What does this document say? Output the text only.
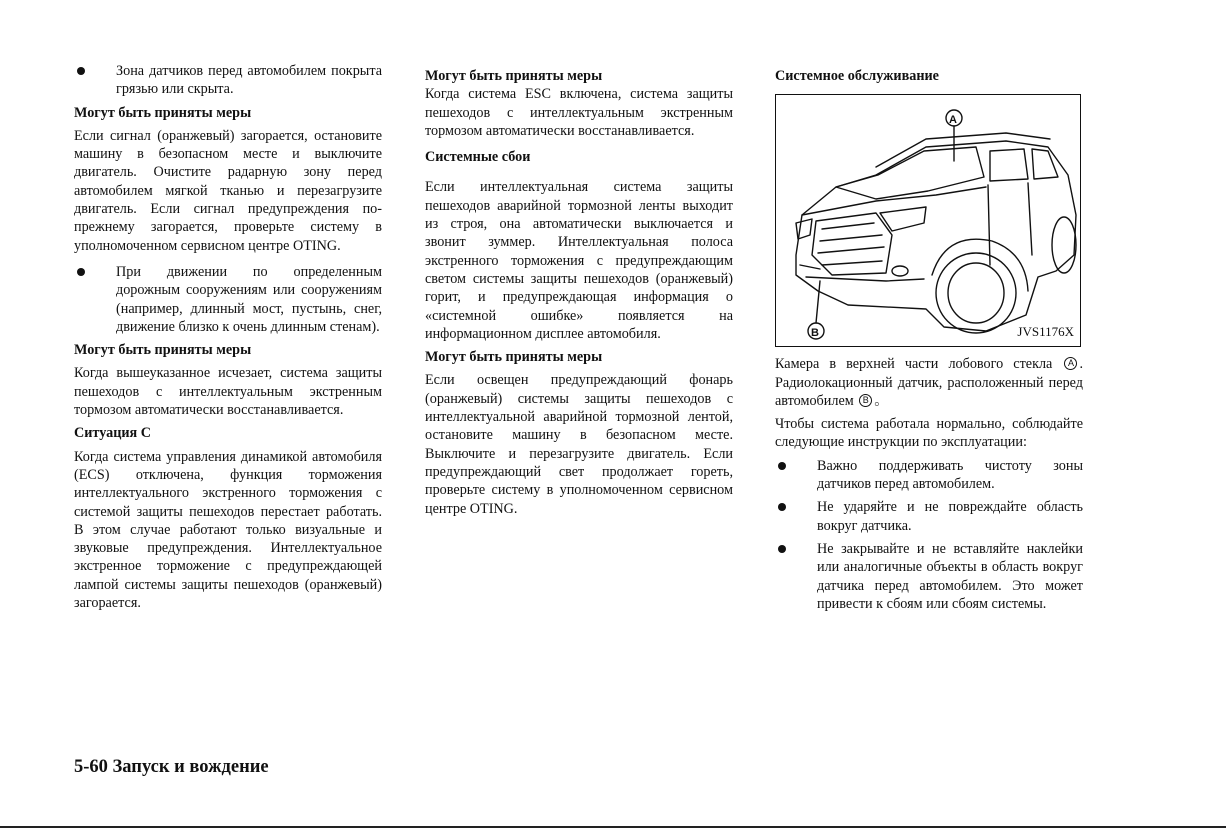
Зона датчиков перед автомобилем покрыта грязью или скрыта.

Могут быть приняты меры

Если сигнал (оранжевый) загорается, остановите машину в безопасном месте и выключите двигатель. Очистите радарную зону перед автомобилем мягкой тканью и перезагрузите двигатель. Если сигнал предупреждения по-прежнему загорается, проверьте систему в уполномоченном сервисном центре OTING.

При движении по определенным дорожным сооружениям или сооружениям (например, длинный мост, пустынь, снег, движение близко к очень длинным стенам).

Могут быть приняты меры

Когда вышеуказанное исчезает, система защиты пешеходов с интеллектуальным экстренным тормозом автоматически восстанавливается.

Ситуация C

Когда система управления динамикой автомобиля (ECS) отключена, функция торможения интеллектуального экстренного торможения с системой защиты пешеходов перестает работать. В этом случае работают только визуальные и звуковые предупреждения. Интеллектуальное экстренное торможение с предупреждающей лампой системы защиты пешеходов (оранжевый) загорается.

Могут быть приняты меры

Когда система ESC включена, система защиты пешеходов с интеллектуальным экстренным тормозом автоматически восстанавливается.

Системные сбои

Если интеллектуальная система защиты пешеходов аварийной тормозной ленты выходит из строя, она автоматически выключается и звонит зуммер. Интеллектуальная полоса экстренного торможения с предупреждающим светом системы защиты пешеходов (оранжевый) горит, и предупреждающая информация о «системной ошибке» появляется на информационном дисплее автомобиля.

Могут быть приняты меры

Если освещен предупреждающий фонарь (оранжевый) системы защиты пешеходов с интеллектуальной аварийной тормозной лентой, остановите машину в безопасном месте. Выключите и перезагрузите двигатель. Если предупреждающий свет продолжает гореть, проверьте систему в уполномоченном сервисном центре OTING.

Системное обслуживание
A
B	JVS1176X

Камера в верхней части лобового стекла A . Радиолокационный датчик, расположенный перед автомобилем B 。

Чтобы система работала нормально, соблюдайте следующие инструкции по эксплуатации:

Важно поддерживать чистоту зоны датчиков перед автомобилем.

Не ударяйте и не повреждайте область вокруг датчика.

Не закрывайте и не вставляйте наклейки или аналогичные объекты в область вокруг датчика перед автомобилем. Это может привести к сбоям или сбоям системы.

5-60 Запуск и вождение
